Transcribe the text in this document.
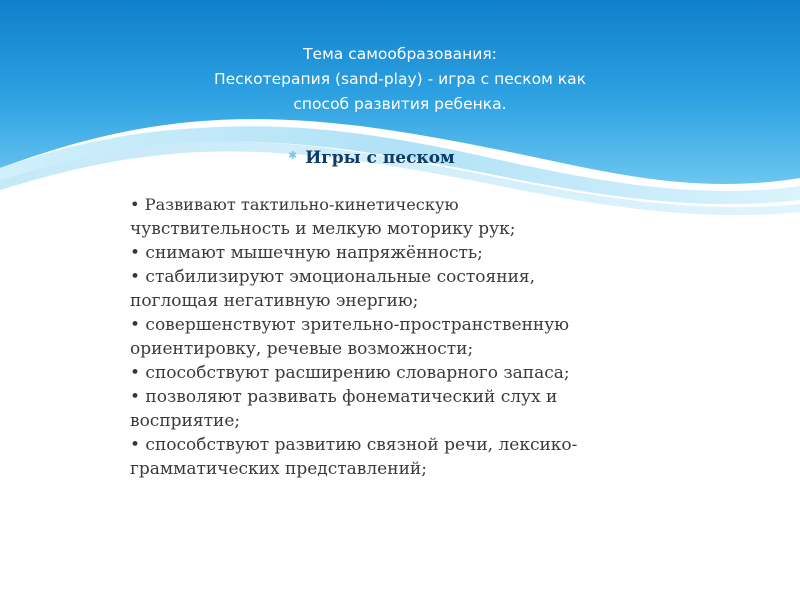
Тема самообразования:
Пескотерапия (sand-play) - игра с песком как
способ развития ребенка.
✱ Игры с песком

• Развивают тактильно-кинетическую

чувствительность и мелкую моторику рук;

• снимают мышечную напряжённость;

• стабилизируют эмоциональные состояния,

поглощая негативную энергию;

• совершенствуют зрительно-пространственную

ориентировку, речевые возможности;

• способствуют расширению словарного запаса;

• позволяют развивать фонематический слух и

восприятие;

• способствуют развитию связной речи, лексико-

грамматических представлений;
